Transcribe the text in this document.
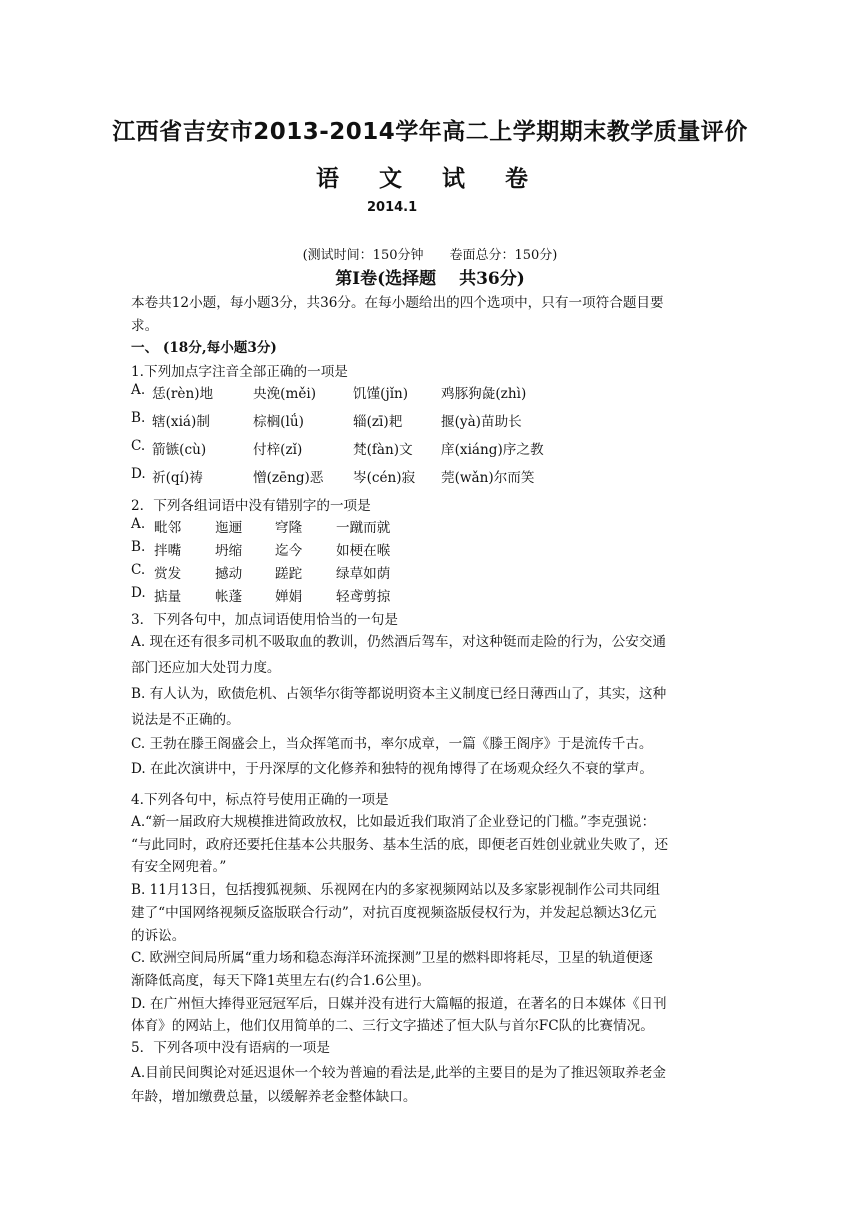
江西省吉安市2013-2014学年高二上学期期末教学质量评价
语 文 试 卷
2014.1
(测试时间：150分钟　　卷面总分：150分)
第Ⅰ卷(选择题　 共36分)
本卷共12小题，每小题3分，共36分。在每小题给出的四个选项中，只有一项符合题目要
求。
一、 (18分,每小题3分)
1.下列加点字注音全部正确的一项是
A. 恁(rèn)地	央浼(měi)	饥馑(jǐn) 鸡豚狗彘(zhì)
B. 辖(xiá)制	棕榈(lǘ)	辎(zī)耙	揠(yà)苗助长
C. 箭镞(cù)	付梓(zǐ)	梵(fàn)文 庠(xiáng)序之教
D. 祈(qí)祷	憎(zēng)恶 岑(cén)寂 莞(wǎn)尔而笑
2．下列各组词语中没有错别字的一项是
A. 毗邻 迤逦 穹隆 一蹴而就
B. 拌嘴 坍缩 迄今 如梗在喉
C. 赏发 撼动 蹉跎 绿草如荫
D. 掂量 帐蓬 婵娟 轻鸢剪掠
3．下列各句中，加点词语使用恰当的一句是
A. 现在还有很多司机不吸取血的教训，仍然酒后驾车，对这种铤而走险的行为，公安交通
部门还应加大处罚力度。
B. 有人认为，欧债危机、占领华尔街等都说明资本主义制度已经日薄西山了，其实，这种
说法是不正确的。
C. 王勃在滕王阁盛会上，当众挥笔而书，率尔成章，一篇《滕王阁序》于是流传千古。
D. 在此次演讲中，于丹深厚的文化修养和独特的视角博得了在场观众经久不衰的掌声。
4.下列各句中，标点符号使用正确的一项是
A.“新一届政府大规模推进简政放权，比如最近我们取消了企业登记的门槛。”李克强说：
“与此同时，政府还要托住基本公共服务、基本生活的底，即便老百姓创业就业失败了，还
有安全网兜着。”
B. 11月13日，包括搜狐视频、乐视网在内的多家视频网站以及多家影视制作公司共同组
建了“中国网络视频反盗版联合行动”，对抗百度视频盗版侵权行为，并发起总额达3亿元
的诉讼。
C. 欧洲空间局所属“重力场和稳态海洋环流探测”卫星的燃料即将耗尽，卫星的轨道便逐
渐降低高度，每天下降1英里左右(约合1.6公里)。
D. 在广州恒大捧得亚冠冠军后，日媒并没有进行大篇幅的报道，在著名的日本媒体《日刊
体育》的网站上，他们仅用简单的二、三行文字描述了恒大队与首尔FC队的比赛情况。
5．下列各项中没有语病的一项是
A.目前民间舆论对延迟退休一个较为普遍的看法是,此举的主要目的是为了推迟领取养老金
年龄，增加缴费总量，以缓解养老金整体缺口。
